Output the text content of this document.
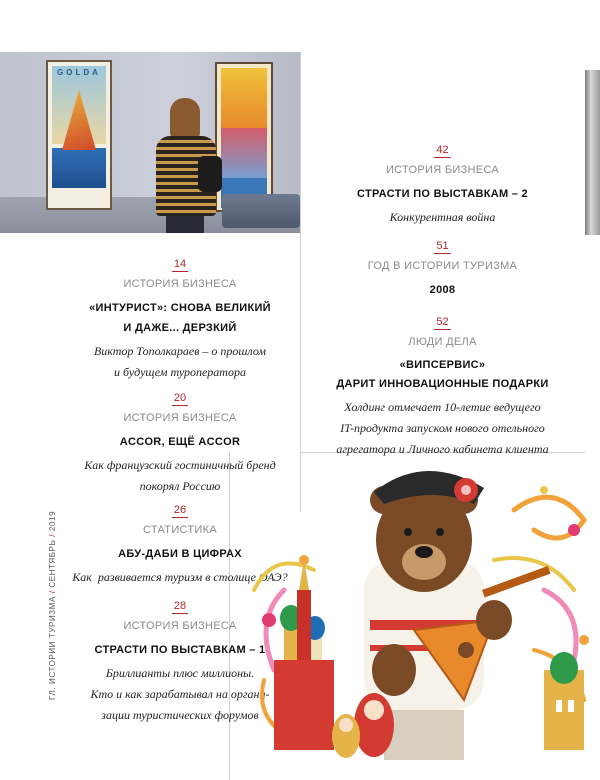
GOLDA
42
ИСТОРИЯ БИЗНЕСА
СТРАСТИ ПО ВЫСТАВКАМ – 2
Конкурентная война
51
ГОД В ИСТОРИИ ТУРИЗМА
2008
52
ЛЮДИ ДЕЛА
«ВИПСЕРВИС»
ДАРИТ ИННОВАЦИОННЫЕ ПОДАРКИ
Холдинг отмечает 10-летие ведущего
IT-продукта запуском нового отельного
агрегатора и Личного кабинета клиента
14
ИСТОРИЯ БИЗНЕСА
«ИНТУРИСТ»: СНОВА ВЕЛИКИЙ
И ДАЖЕ... ДЕРЗКИЙ
Виктор Тополкараев – о прошлом
и будущем туроператора
20
ИСТОРИЯ БИЗНЕСА
ACCOR, ЕЩЁ ACCOR
Как французский гостиничный бренд
покорял Россию
26
СТАТИСТИКА
АБУ-ДАБИ В ЦИФРАХ
Как  развивается туризм в столице ОАЭ?
28
ИСТОРИЯ БИЗНЕСА
СТРАСТИ ПО ВЫСТАВКАМ – 1
Бриллианты плюс миллионы.
Кто и как зарабатывал на органи-
зации туристических форумов
ГЛ. ИСТОРИИ ТУРИЗМА / СЕНТЯБРЬ / 2019
